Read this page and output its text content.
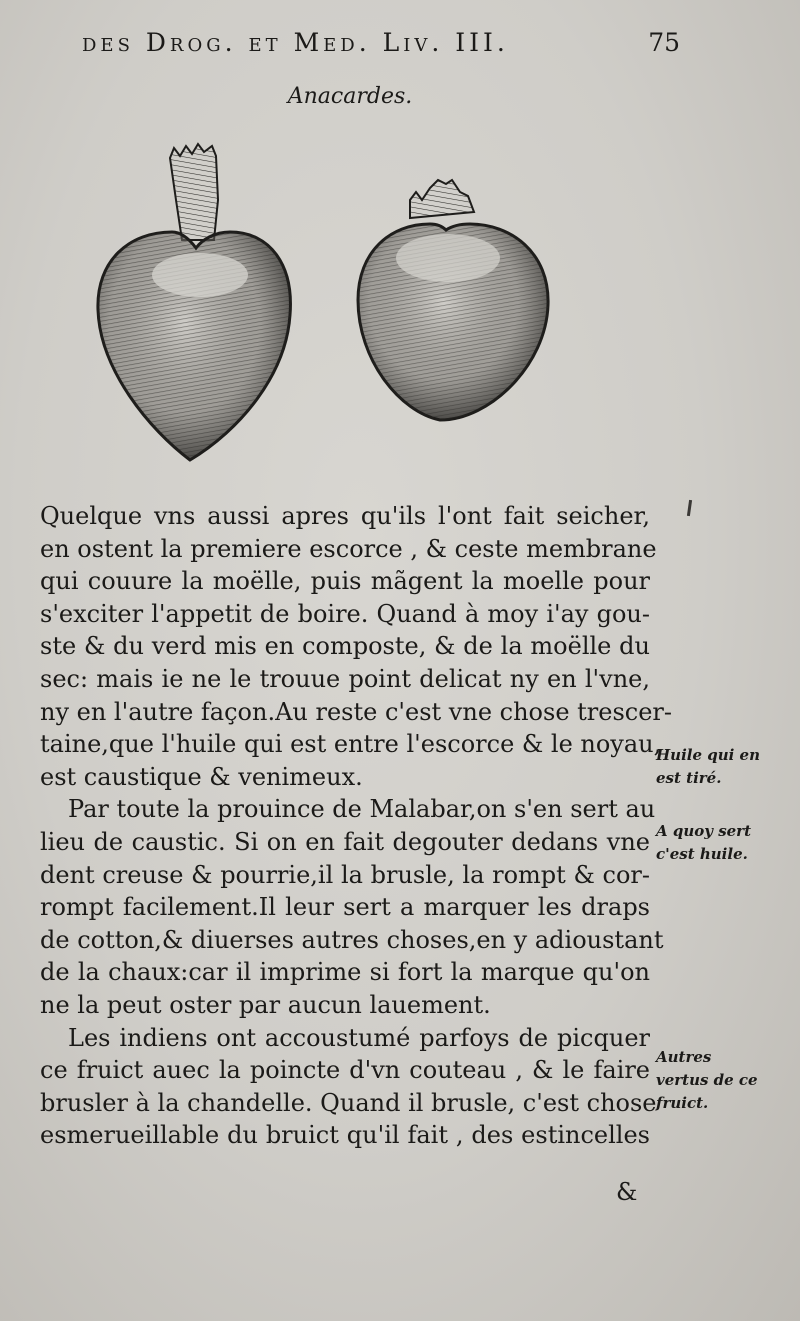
des Drog. et Med. Liv. III.	75
Anacardes.
Quelque vns aussi apres qu'ils l'ont fait seicher,
en ostent la premiere escorce , & ceste membrane
qui couure la moëlle, puis mãgent la moelle pour
s'exciter l'appetit de boire. Quand à moy i'ay gou-
ste & du verd mis en composte, & de la moëlle du
sec: mais ie ne le trouue point delicat ny en l'vne,
ny en l'autre façon.Au reste c'est vne chose trescer-
taine,que l'huile qui est entre l'escorce & le noyau,
est caustique & venimeux.
Par toute la prouince de Malabar,on s'en sert au
lieu de caustic. Si on en fait degouter dedans vne
dent creuse & pourrie,il la brusle, la rompt & cor-
rompt facilement.Il leur sert a marquer les draps
de cotton,& diuerses autres choses,en y adioustant
de la chaux:car il imprime si fort la marque qu'on
ne la peut oster par aucun lauement.
Les indiens ont accoustumé parfoys de picquer
ce fruict auec la poincte d'vn couteau , & le faire
brusler à la chandelle. Quand il brusle, c'est chose
esmerueillable du bruict qu'il fait , des estincelles
&
Huile qui en est tiré.
A quoy sert c'est huile.
Autres vertus de ce fruict.
